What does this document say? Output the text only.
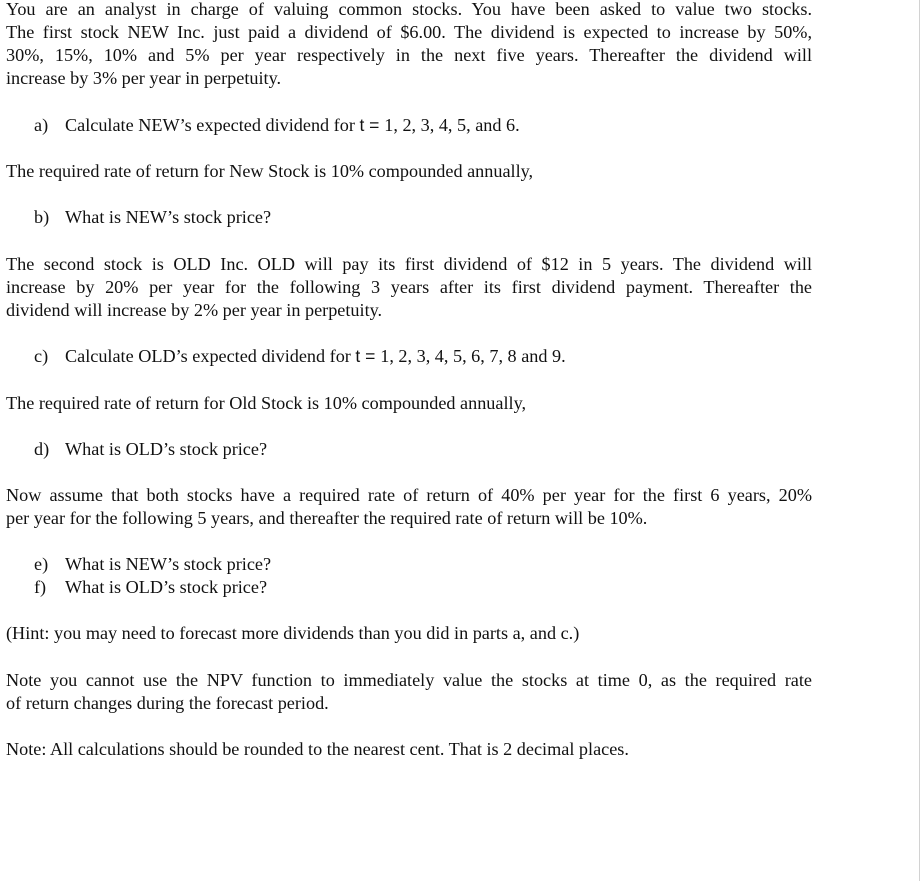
You are an analyst in charge of valuing common stocks. You have been asked to value two stocks.
The first stock NEW Inc. just paid a dividend of $6.00. The dividend is expected to increase by 50%,
30%, 15%, 10% and 5% per year respectively in the next five years. Thereafter the dividend will
increase by 3% per year in perpetuity.
a) Calculate NEW’s expected dividend for t = 1, 2, 3, 4, 5, and 6.
The required rate of return for New Stock is 10% compounded annually,
b) What is NEW’s stock price?
The second stock is OLD Inc. OLD will pay its first dividend of $12 in 5 years. The dividend will
increase by 20% per year for the following 3 years after its first dividend payment. Thereafter the
dividend will increase by 2% per year in perpetuity.
c) Calculate OLD’s expected dividend for t = 1, 2, 3, 4, 5, 6, 7, 8 and 9.
The required rate of return for Old Stock is 10% compounded annually,
d) What is OLD’s stock price?
Now assume that both stocks have a required rate of return of 40% per year for the first 6 years, 20%
per year for the following 5 years, and thereafter the required rate of return will be 10%.
e) What is NEW’s stock price?
f) What is OLD’s stock price?
(Hint: you may need to forecast more dividends than you did in parts a, and c.)
Note you cannot use the NPV function to immediately value the stocks at time 0, as the required rate
of return changes during the forecast period.
Note: All calculations should be rounded to the nearest cent. That is 2 decimal places.
